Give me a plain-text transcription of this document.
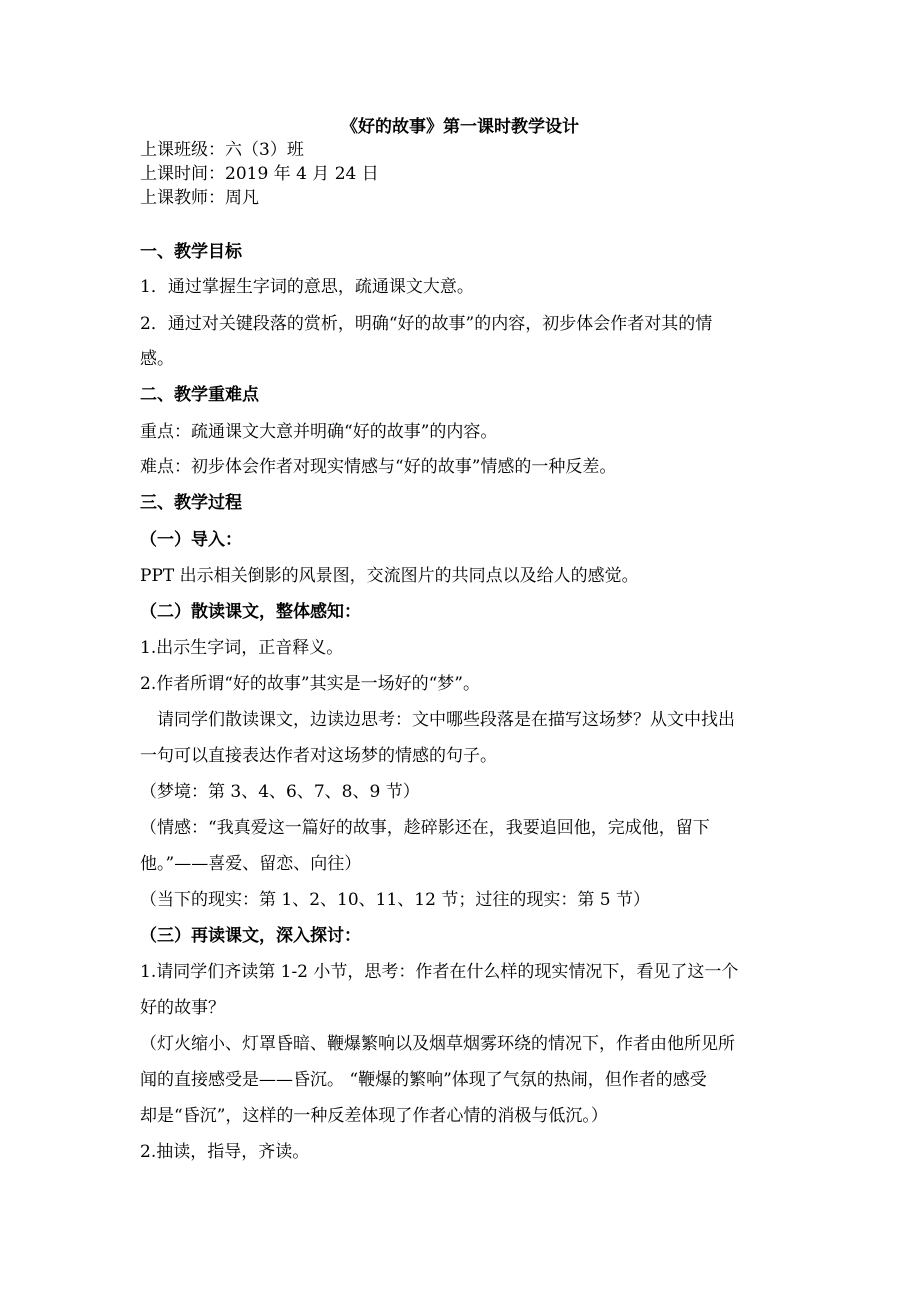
《好的故事》第一课时教学设计
上课班级：六（3）班
上课时间：2019 年 4 月 24 日
上课教师：周凡
一、教学目标
1．通过掌握生字词的意思，疏通课文大意。
2．通过对关键段落的赏析，明确“好的故事”的内容，初步体会作者对其的情
感。
二、教学重难点
重点：疏通课文大意并明确“好的故事”的内容。
难点：初步体会作者对现实情感与“好的故事”情感的一种反差。
三、教学过程
（一）导入：
PPT 出示相关倒影的风景图，交流图片的共同点以及给人的感觉。
（二）散读课文，整体感知：
1.出示生字词，正音释义。
2.作者所谓“好的故事”其实是一场好的“梦”。
请同学们散读课文，边读边思考：文中哪些段落是在描写这场梦？从文中找出
一句可以直接表达作者对这场梦的情感的句子。
（梦境：第 3、4、6、7、8、9 节）
（情感：“我真爱这一篇好的故事，趁碎影还在，我要追回他，完成他，留下
他。”——喜爱、留恋、向往）
（当下的现实：第 1、2、10、11、12 节；过往的现实：第 5 节）
（三）再读课文，深入探讨：
1.请同学们齐读第 1-2 小节，思考：作者在什么样的现实情况下，看见了这一个
好的故事？
（灯火缩小、灯罩昏暗、鞭爆繁响以及烟草烟雾环绕的情况下，作者由他所见所
闻的直接感受是——昏沉。 “鞭爆的繁响”体现了气氛的热闹，但作者的感受
却是“昏沉”，这样的一种反差体现了作者心情的消极与低沉。）
2.抽读，指导，齐读。
